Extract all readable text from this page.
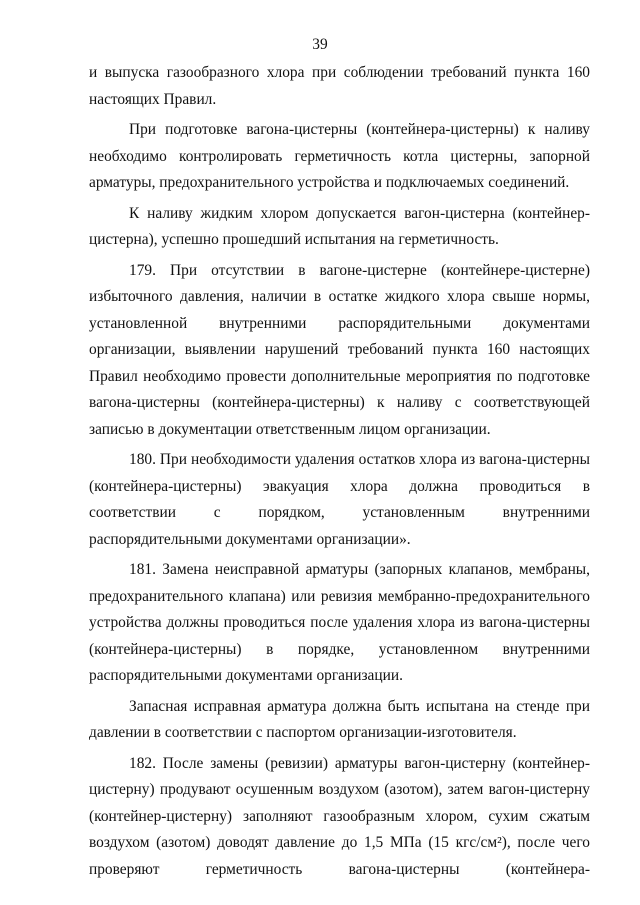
39

и выпуска газообразного хлора при соблюдении требований пункта 160 настоящих Правил.

При подготовке вагона-цистерны (контейнера-цистерны) к наливу необходимо контролировать герметичность котла цистерны, запорной арматуры, предохранительного устройства и подключаемых соединений.

К наливу жидким хлором допускается вагон-цистерна (контейнер-цистерна), успешно прошедший испытания на герметичность.

179. При отсутствии в вагоне-цистерне (контейнере-цистерне) избыточного давления, наличии в остатке жидкого хлора свыше нормы, установленной внутренними распорядительными документами организации, выявлении нарушений требований пункта 160 настоящих Правил необходимо провести дополнительные мероприятия по подготовке вагона-цистерны (контейнера-цистерны) к наливу с соответствующей записью в документации ответственным лицом организации.

180. При необходимости удаления остатков хлора из вагона-цистерны (контейнера-цистерны) эвакуация хлора должна проводиться в соответствии с порядком, установленным внутренними распорядительными документами организации».

181. Замена неисправной арматуры (запорных клапанов, мембраны, предохранительного клапана) или ревизия мембранно-предохранительного устройства должны проводиться после удаления хлора из вагона-цистерны (контейнера-цистерны) в порядке, установленном внутренними распорядительными документами организации.

Запасная исправная арматура должна быть испытана на стенде при давлении в соответствии с паспортом организации-изготовителя.

182. После замены (ревизии) арматуры вагон-цистерну (контейнер-цистерну) продувают осушенным воздухом (азотом), затем вагон-цистерну (контейнер-цистерну) заполняют газообразным хлором, сухим сжатым воздухом (азотом) доводят давление до 1,5 МПа (15 кгс/см²), после чего проверяют герметичность вагона-цистерны (контейнера-
